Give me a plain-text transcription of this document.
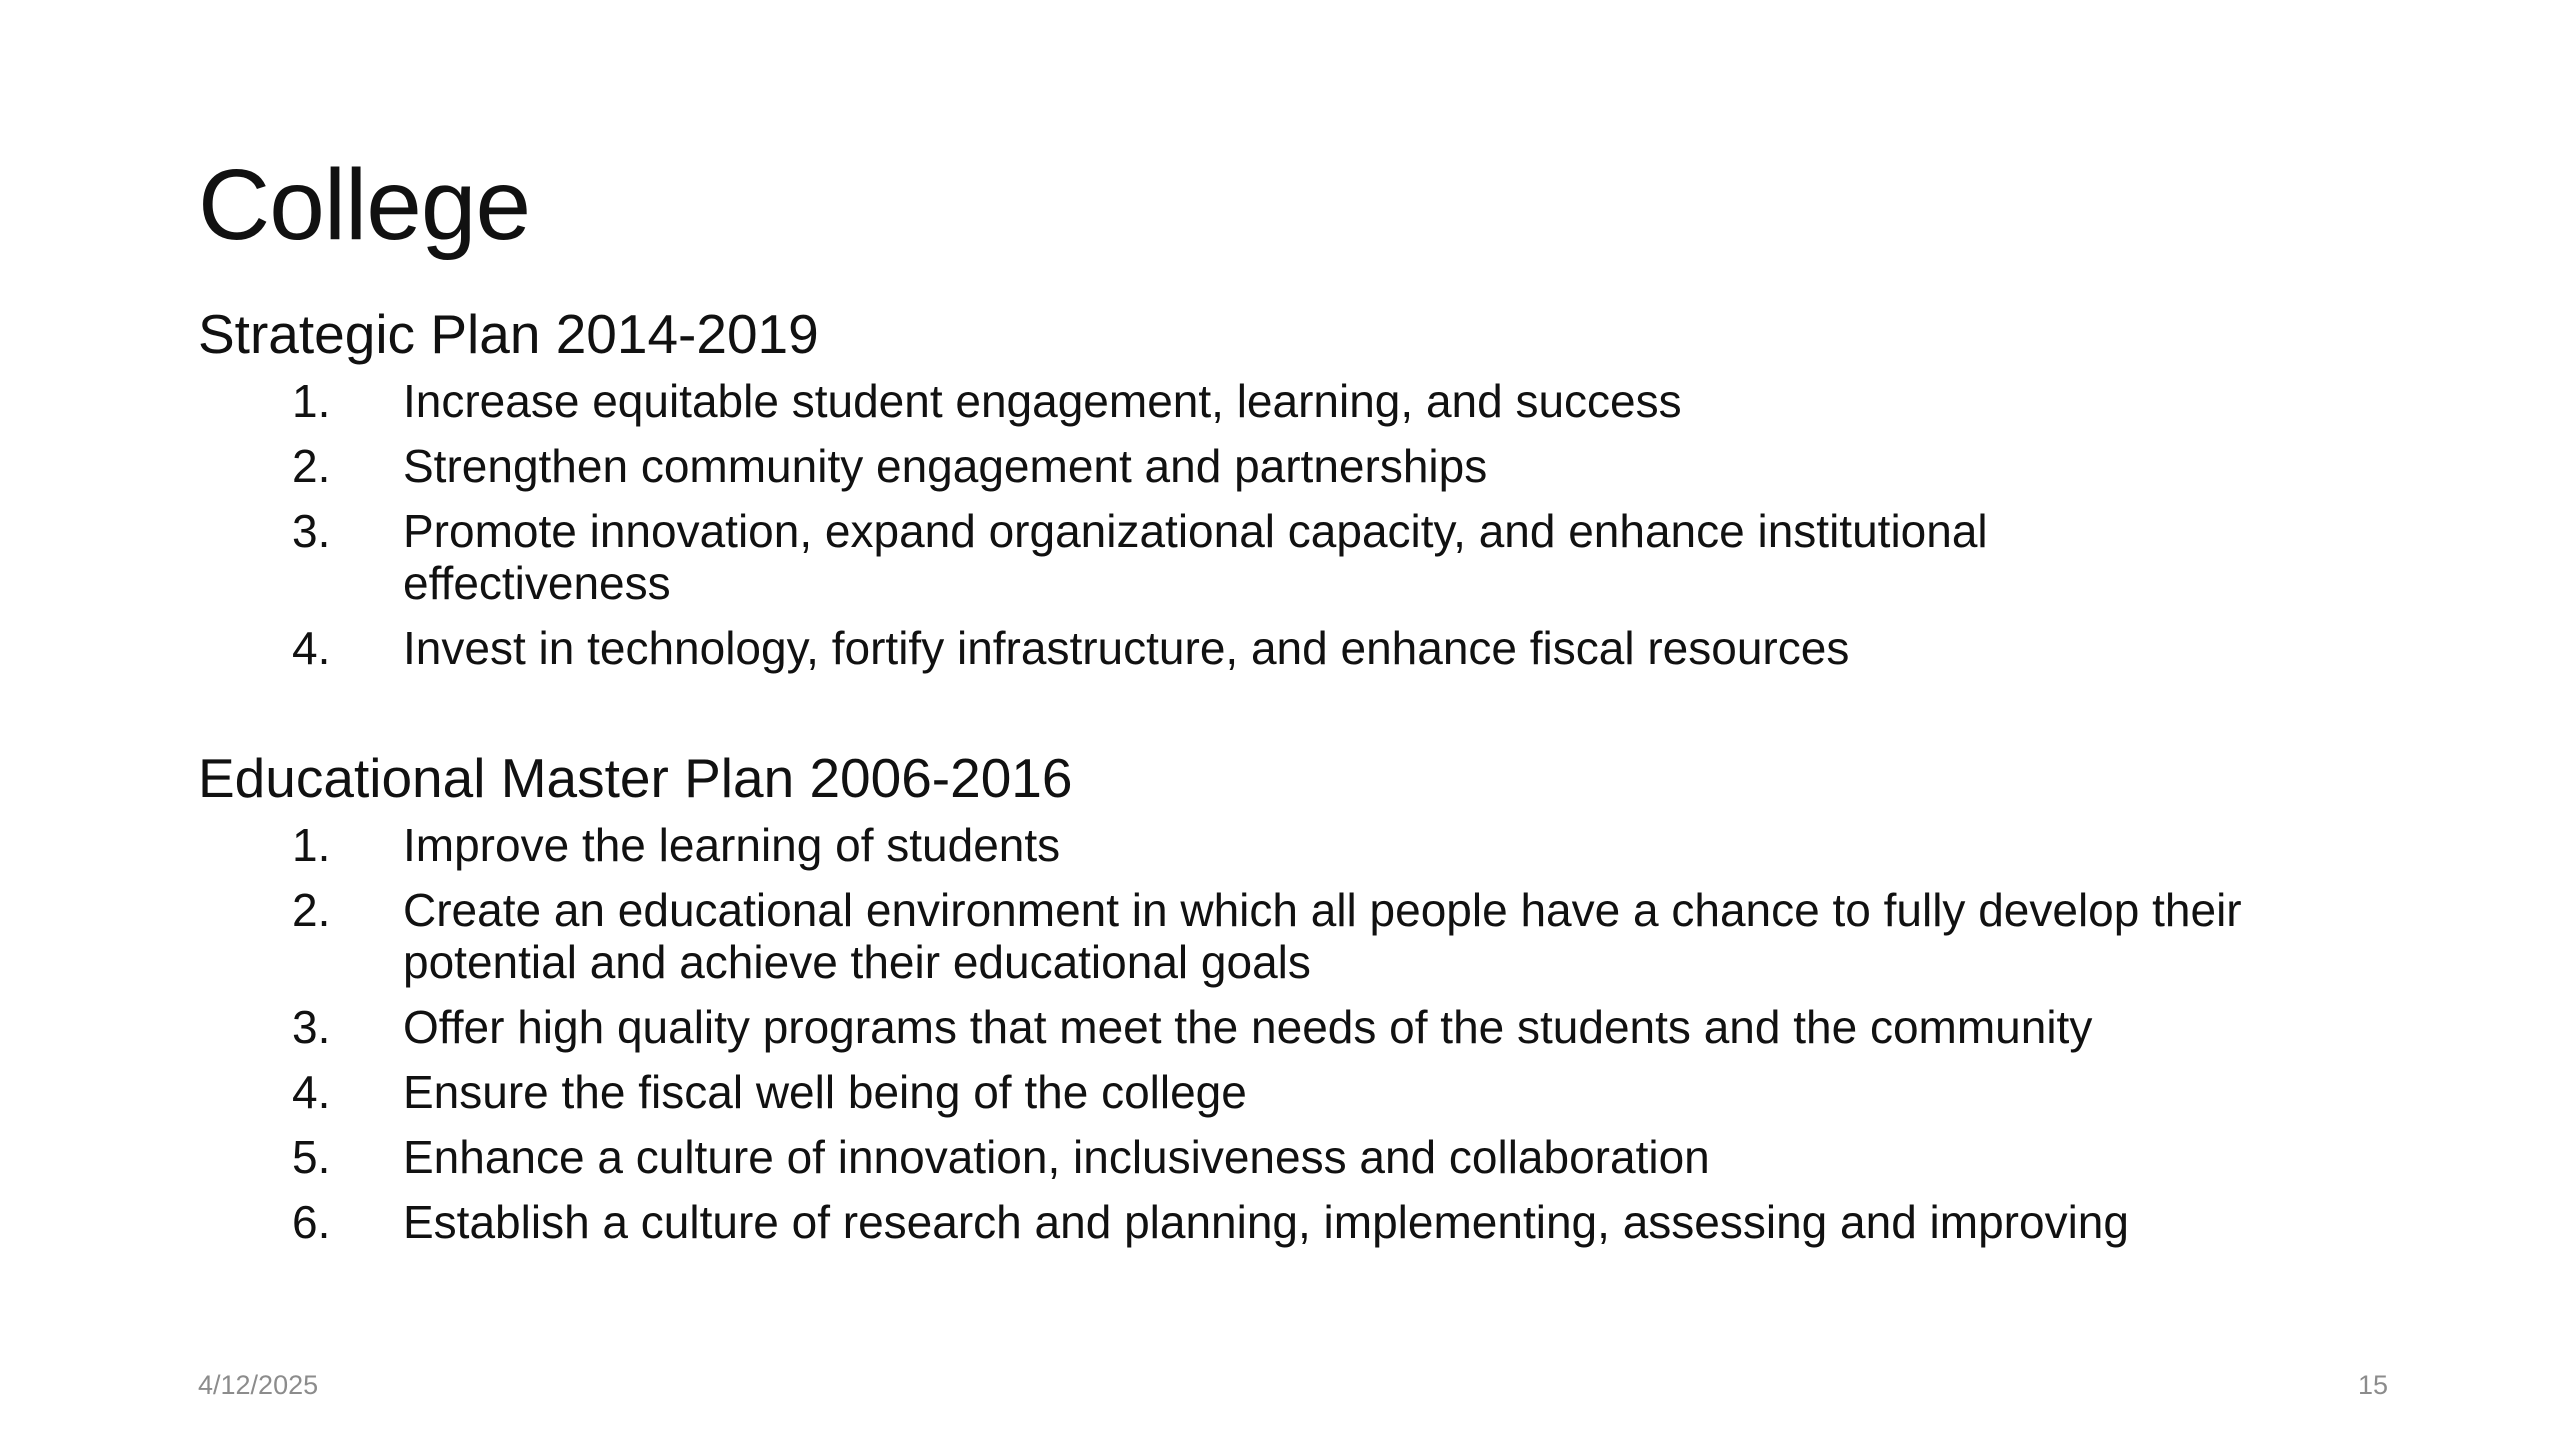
College
Strategic Plan 2014-2019
1.	Increase equitable student engagement, learning, and success
2.	Strengthen community engagement and partnerships
3.	Promote innovation, expand organizational capacity, and enhance institutional effectiveness
4.	Invest in technology, fortify infrastructure, and enhance fiscal resources
Educational Master Plan 2006-2016
1.	Improve the learning of students
2.	Create an educational environment in which all people have a chance to fully develop their potential and achieve their educational goals
3.	Offer high quality programs that meet the needs of the students and the community
4.	Ensure the fiscal well being of the college
5.	Enhance a culture of innovation, inclusiveness and collaboration
6.	Establish a culture of research and planning, implementing, assessing and improving
4/12/2025	15
